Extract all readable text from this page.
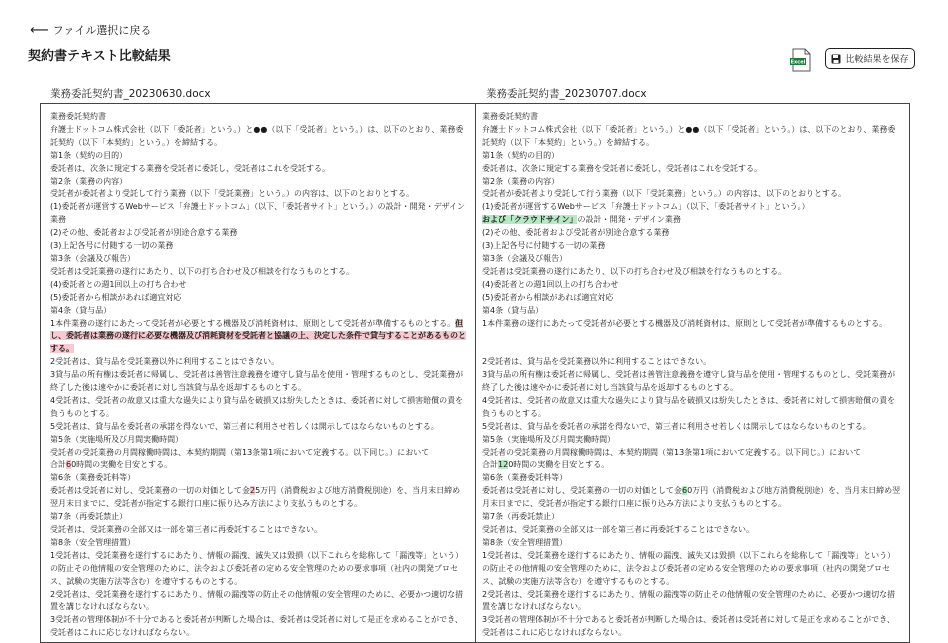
⟵ ファイル選択に戻る
契約書テキスト比較結果	Excel	比較結果を保存
業務委託契約書_20230630.docx	業務委託契約書_20230707.docx

業務委託契約書

弁護士ドットコム株式会社（以下「委託者」という。）と●●（以下「受託者」という。）は、以下のとおり、業務委託契約（以下「本契約」という。）を締結する。

第1条（契約の目的）

委託者は、次条に規定する業務を受託者に委託し、受託者はこれを受託する。

第2条（業務の内容）

受託者が委託者より受託して行う業務（以下「受託業務」という。）の内容は、以下のとおりとする。

(1)委託者が運営するWebサービス「弁護士ドットコム」（以下、「委託者サイト」という。）の設計・開発・デザイン業務

(2)その他、委託者および受託者が別途合意する業務

(3)上記各号に付随する一切の業務

第3条（会議及び報告）

受託者は受託業務の遂行にあたり、以下の打ち合わせ及び相談を行なうものとする。

(4)委託者との週1回以上の打ち合わせ

(5)委託者から相談があれば適宜対応

第4条（貸与品）

1本件業務の遂行にあたって受託者が必要とする機器及び消耗資材は、原則として受託者が準備するものとする。但し、委託者は業務の遂行に必要な機器及び消耗資材を受託者と協議の上、決定した条件で貸与することがあるものとする。

2受託者は、貸与品を受託業務以外に利用することはできない。

3貸与品の所有権は委託者に帰属し、受託者は善管注意義務を遵守し貸与品を使用・管理するものとし、受託業務が終了した後は速やかに委託者に対し当該貸与品を返却するものとする。

4受託者は、受託者の故意又は重大な過失により貸与品を破損又は紛失したときは、委託者に対して損害賠償の責を負うものとする。

5受託者は、貸与品を委託者の承諾を得ないで、第三者に利用させ若しくは開示してはならないものとする。

第5条（実施場所及び月間実働時間）

受託者の受託業務の月間稼働時間は、本契約期間（第13条第1項において定義する。以下同じ。）において

合計60時間の実働を目安とする。

第6条（業務委託料等）

委託者は受託者に対し、受託業務の一切の対価として金25万円（消費税および地方消費税別途）を、当月末日締め翌月末日までに、受託者が指定する銀行口座に振り込み方法により支払うものとする。

第7条（再委託禁止）

受託者は、受託業務の全部又は一部を第三者に再委託することはできない。

第8条（安全管理措置）

1受託者は、受託業務を遂行するにあたり、情報の漏洩、滅失又は毀損（以下これらを総称して「漏洩等」という）の防止その他情報の安全管理のために、法令および委託者の定める安全管理のための要求事項（社内の開発プロセス、試験の実施方法等含む）を遵守するものとする。

2受託者は、受託業務を遂行するにあたり、情報の漏洩等の防止その他情報の安全管理のために、必要かつ適切な措置を講じなければならない。

3受託者の管理体制が不十分であると委託者が判断した場合は、委託者は受託者に対して是正を求めることができ、受託者はこれに応じなければならない。

業務委託契約書

弁護士ドットコム株式会社（以下「委託者」という。）と●●（以下「受託者」という。）は、以下のとおり、業務委託契約（以下「本契約」という。）を締結する。

第1条（契約の目的）

委託者は、次条に規定する業務を受託者に委託し、受託者はこれを受託する。

第2条（業務の内容）

受託者が委託者より受託して行う業務（以下「受託業務」という。）の内容は、以下のとおりとする。

(1)委託者が運営するWebサービス「弁護士ドットコム」（以下、「委託者サイト」という。）および「クラウドサイン」の設計・開発・デザイン業務

(2)その他、委託者および受託者が別途合意する業務

(3)上記各号に付随する一切の業務

第3条（会議及び報告）

受託者は受託業務の遂行にあたり、以下の打ち合わせ及び相談を行なうものとする。

(4)委託者との週1回以上の打ち合わせ

(5)委託者から相談があれば適宜対応

第4条（貸与品）

1本件業務の遂行にあたって受託者が必要とする機器及び消耗資材は、原則として受託者が準備するものとする。

2受託者は、貸与品を受託業務以外に利用することはできない。

3貸与品の所有権は委託者に帰属し、受託者は善管注意義務を遵守し貸与品を使用・管理するものとし、受託業務が終了した後は速やかに委託者に対し当該貸与品を返却するものとする。

4受託者は、受託者の故意又は重大な過失により貸与品を破損又は紛失したときは、委託者に対して損害賠償の責を負うものとする。

5受託者は、貸与品を委託者の承諾を得ないで、第三者に利用させ若しくは開示してはならないものとする。

第5条（実施場所及び月間実働時間）

受託者の受託業務の月間稼働時間は、本契約期間（第13条第1項において定義する。以下同じ。）において

合計120時間の実働を目安とする。

第6条（業務委託料等）

委託者は受託者に対し、受託業務の一切の対価として金60万円（消費税および地方消費税別途）を、当月末日締め翌月末日までに、受託者が指定する銀行口座に振り込み方法により支払うものとする。

第7条（再委託禁止）

受託者は、受託業務の全部又は一部を第三者に再委託することはできない。

第8条（安全管理措置）

1受託者は、受託業務を遂行するにあたり、情報の漏洩、滅失又は毀損（以下これらを総称して「漏洩等」という）の防止その他情報の安全管理のために、法令および委託者の定める安全管理のための要求事項（社内の開発プロセス、試験の実施方法等含む）を遵守するものとする。

2受託者は、受託業務を遂行するにあたり、情報の漏洩等の防止その他情報の安全管理のために、必要かつ適切な措置を講じなければならない。

3受託者の管理体制が不十分であると委託者が判断した場合は、委託者は受託者に対して是正を求めることができ、受託者はこれに応じなければならない。
